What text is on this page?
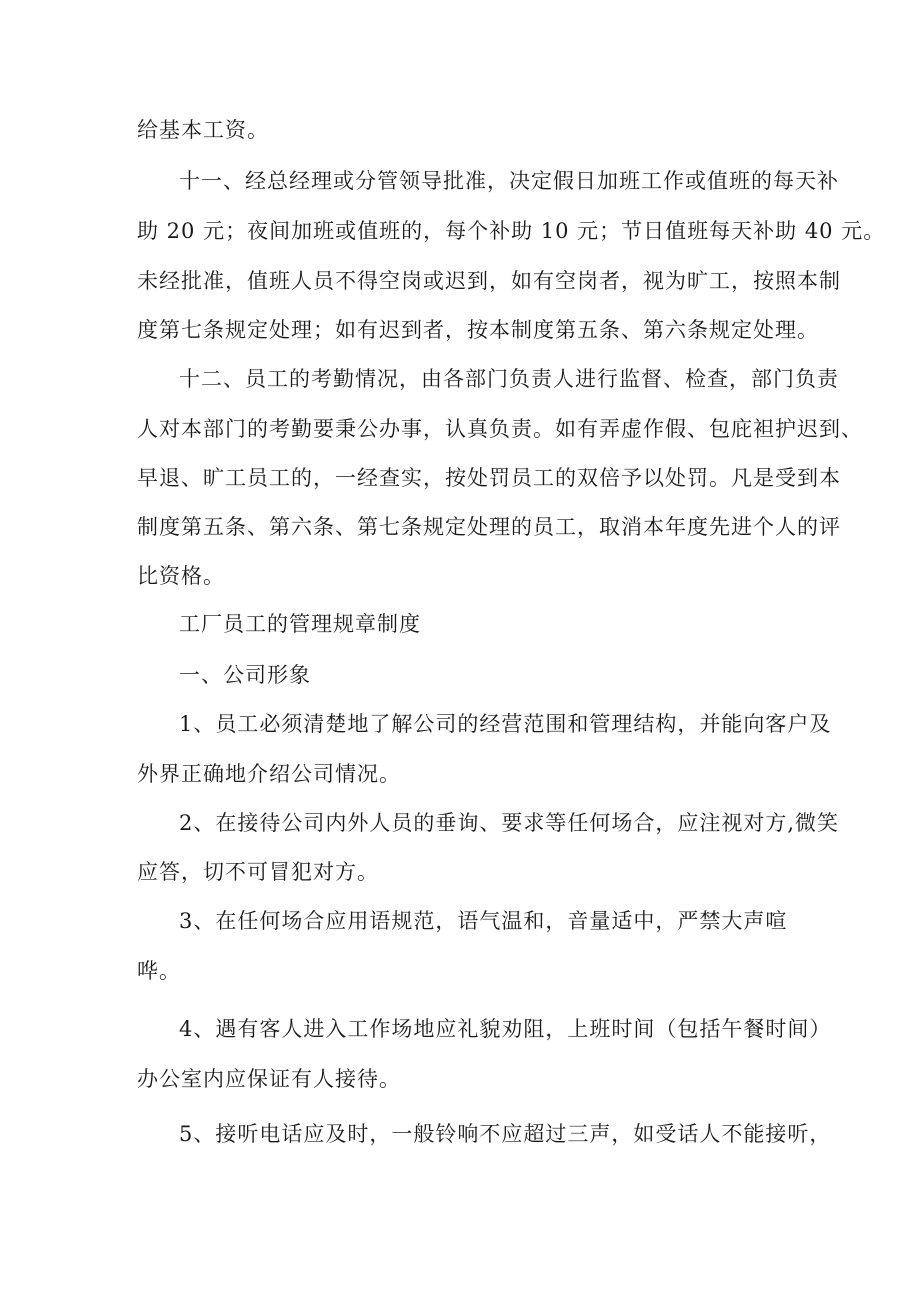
给基本工资。
十一、经总经理或分管领导批准，决定假日加班工作或值班的每天补
助 20 元；夜间加班或值班的，每个补助 10 元；节日值班每天补助 40 元。
未经批准，值班人员不得空岗或迟到，如有空岗者，视为旷工，按照本制
度第七条规定处理；如有迟到者，按本制度第五条、第六条规定处理。
十二、员工的考勤情况，由各部门负责人进行监督、检查，部门负责
人对本部门的考勤要秉公办事，认真负责。如有弄虚作假、包庇袒护迟到、
早退、旷工员工的，一经查实，按处罚员工的双倍予以处罚。凡是受到本
制度第五条、第六条、第七条规定处理的员工，取消本年度先进个人的评
比资格。
工厂员工的管理规章制度
一、公司形象
1、员工必须清楚地了解公司的经营范围和管理结构，并能向客户及
外界正确地介绍公司情况。
2、在接待公司内外人员的垂询、要求等任何场合，应注视对方,微笑
应答，切不可冒犯对方。
3、在任何场合应用语规范，语气温和，音量适中，严禁大声喧
哗。
4、遇有客人进入工作场地应礼貌劝阻，上班时间（包括午餐时间）
办公室内应保证有人接待。
5、接听电话应及时，一般铃响不应超过三声，如受话人不能接听，
